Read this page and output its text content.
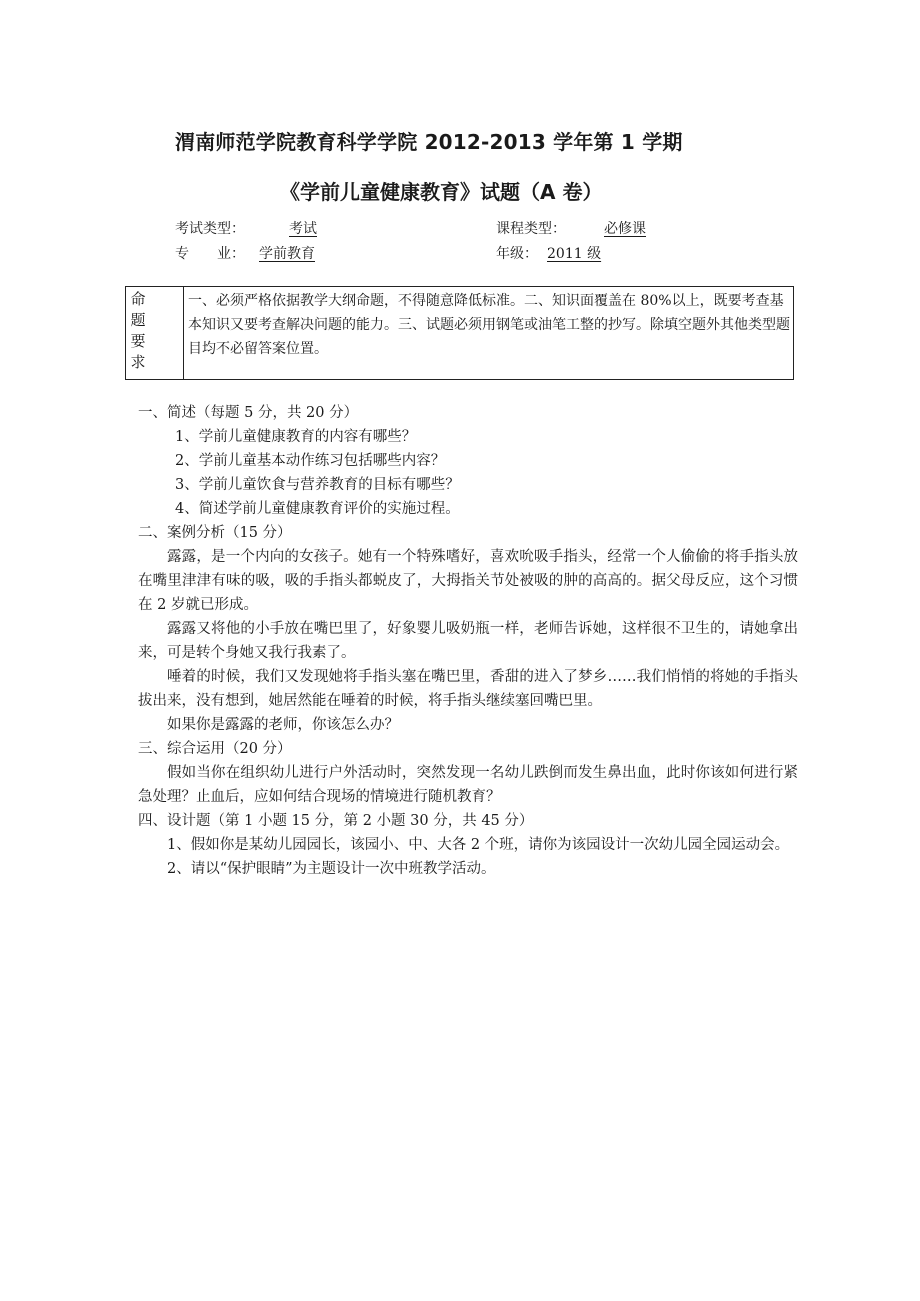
渭南师范学院教育科学学院 2012-2013 学年第 1 学期
《学前儿童健康教育》试题（A 卷）
考试类型：	考试	课程类型：	必修课
专　　业： 学前教育	年级： 2011 级
命题要求
一、必须严格依据教学大纲命题，不得随意降低标准。二、知识面覆盖在 80%以上，既要考查基本知识又要考查解决问题的能力。三、试题必须用钢笔或油笔工整的抄写。除填空题外其他类型题目均不必留答案位置。
一、简述（每题 5 分，共 20 分）
1、学前儿童健康教育的内容有哪些？
2、学前儿童基本动作练习包括哪些内容？
3、学前儿童饮食与营养教育的目标有哪些？
4、简述学前儿童健康教育评价的实施过程。
二、案例分析（15 分）
露露，是一个内向的女孩子。她有一个特殊嗜好，喜欢吮吸手指头，经常一个人偷偷的将手指头放在嘴里津津有味的吸，吸的手指头都蜕皮了，大拇指关节处被吸的肿的高高的。据父母反应，这个习惯在 2 岁就已形成。
露露又将他的小手放在嘴巴里了，好象婴儿吸奶瓶一样，老师告诉她，这样很不卫生的，请她拿出来，可是转个身她又我行我素了。
唾着的时候，我们又发现她将手指头塞在嘴巴里，香甜的进入了梦乡……我们悄悄的将她的手指头拔出来，没有想到，她居然能在唾着的时候，将手指头继续塞回嘴巴里。
如果你是露露的老师，你该怎么办？
三、综合运用（20 分）
假如当你在组织幼儿进行户外活动时，突然发现一名幼儿跌倒而发生鼻出血，此时你该如何进行紧急处理？止血后，应如何结合现场的情境进行随机教育？
四、设计题（第 1 小题 15 分，第 2 小题 30 分，共 45 分）
1、假如你是某幼儿园园长，该园小、中、大各 2 个班，请你为该园设计一次幼儿园全园运动会。
2、请以“保护眼睛”为主题设计一次中班教学活动。
